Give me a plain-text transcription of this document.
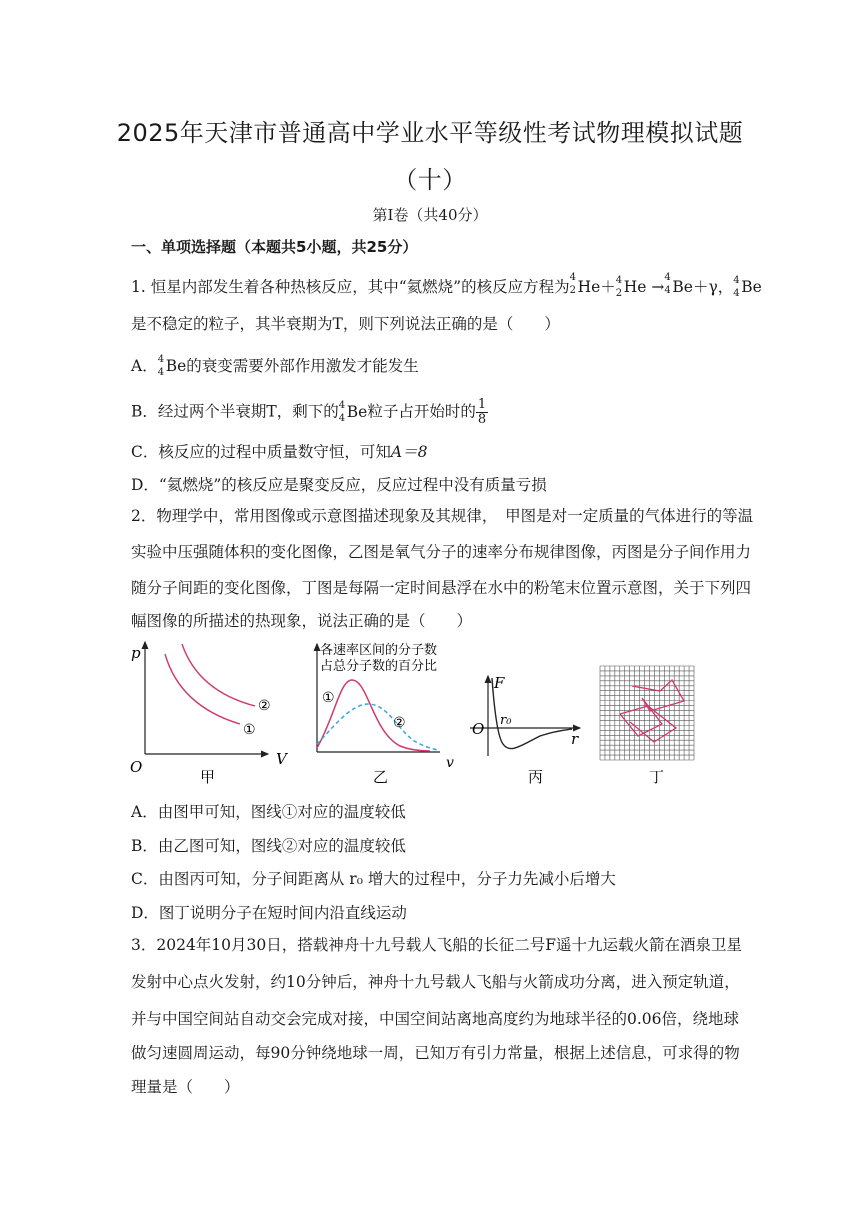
2025年天津市普通高中学业水平等级性考试物理模拟试题
（十）
第Ⅰ卷（共40分）
一、单项选择题（本题共5小题，共25分）
1. 恒星内部发生着各种热核反应，其中“氦燃烧”的核反应方程为
4
2 He＋ 4
2 He →
4
4 Be＋γ， 4
4 Be
是不稳定的粒子，其半衰期为T，则下列说法正确的是（　　）
A． 4
4 Be的衰变需要外部作用激发才能发生
B．经过两个半衰期T，剩下的 4
4 Be粒子占开始时的 $\frac{1}{8}$
C．核反应的过程中质量数守恒，可知A＝8
D．“氦燃烧”的核反应是聚变反应，反应过程中没有质量亏损
2．物理学中，常用图像或示意图描述现象及其规律，　甲图是对一定质量的气体进行的等温
实验中压强随体积的变化图像，乙图是氧气分子的速率分布规律图像，丙图是分子间作用力
随分子间距的变化图像，丁图是每隔一定时间悬浮在水中的粉笔末位置示意图，关于下列四
幅图像的所描述的热现象，说法正确的是（　　）
p
V
O
②
①
甲
各速率区间的分子数
占总分子数的百分比
①
②
v
乙
F
r
O r₀
丙	丁
A．由图甲可知，图线①对应的温度较低
B．由乙图可知，图线②对应的温度较低
C．由图丙可知，分子间距离从 r₀ 增大的过程中，分子力先减小后增大
D．图丁说明分子在短时间内沿直线运动
3．2024年10月30日，搭载神舟十九号载人飞船的长征二号F遥十九运载火箭在酒泉卫星
发射中心点火发射，约10分钟后，神舟十九号载人飞船与火箭成功分离，进入预定轨道，
并与中国空间站自动交会完成对接，中国空间站离地高度约为地球半径的0.06倍，绕地球
做匀速圆周运动，每90分钟绕地球一周，已知万有引力常量，根据上述信息，可求得的物
理量是（　　）
